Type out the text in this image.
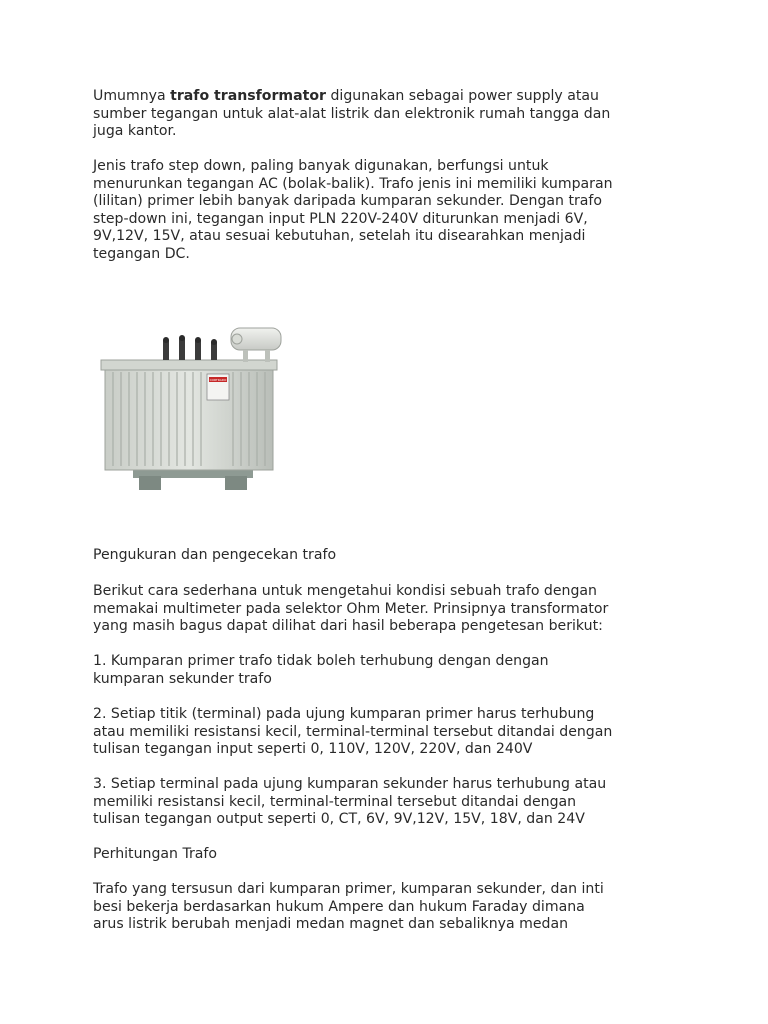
Umumnya trafo transformator digunakan sebagai power supply atau
sumber tegangan untuk alat-alat listrik dan elektronik rumah tangga dan
juga kantor.

Jenis trafo step down, paling banyak digunakan, berfungsi untuk
menurunkan tegangan AC (bolak-balik). Trafo jenis ini memiliki kumparan
(lilitan) primer lebih banyak daripada kumparan sekunder. Dengan trafo
step-down ini, tegangan input PLN 220V-240V diturunkan menjadi 6V,
9V,12V, 15V, atau sesuai kebutuhan, setelah itu disearahkan menjadi
tegangan DC.

CORTRADO

Pengukuran dan pengecekan trafo

Berikut cara sederhana untuk mengetahui kondisi sebuah trafo dengan
memakai multimeter pada selektor Ohm Meter. Prinsipnya transformator
yang masih bagus dapat dilihat dari hasil beberapa pengetesan berikut:

1. Kumparan primer trafo tidak boleh terhubung dengan dengan
kumparan sekunder trafo

2. Setiap titik (terminal) pada ujung kumparan primer harus terhubung
atau memiliki resistansi kecil, terminal-terminal tersebut ditandai dengan
tulisan tegangan input seperti 0, 110V, 120V, 220V, dan 240V

3. Setiap terminal pada ujung kumparan sekunder harus terhubung atau
memiliki resistansi kecil, terminal-terminal tersebut ditandai dengan
tulisan tegangan output seperti 0, CT, 6V, 9V,12V, 15V, 18V, dan 24V

Perhitungan Trafo

Trafo yang tersusun dari kumparan primer, kumparan sekunder, dan inti
besi bekerja berdasarkan hukum Ampere dan hukum Faraday dimana
arus listrik berubah menjadi medan magnet dan sebaliknya medan
